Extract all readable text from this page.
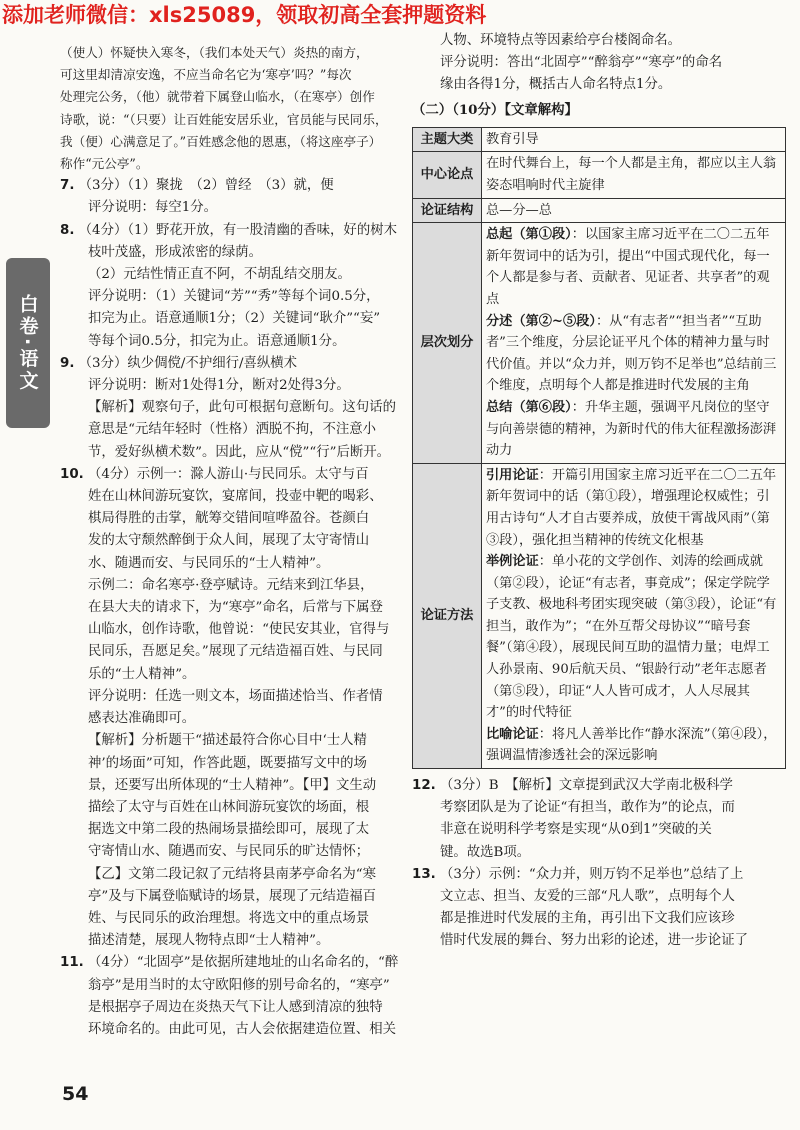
添加老师微信：xls25089，领取初高全套押题资料
白卷·语文

（使人）怀疑快入寒冬，（我们本处天气）炎热的南方，

可这里却清凉安逸，不应当命名它为‘寒亭’吗？”每次

处理完公务，（他）就带着下属登山临水，（在寒亭）创作

诗歌，说：“（只要）让百姓能安居乐业，官员能与民同乐，

我（便）心满意足了。”百姓感念他的恩惠，（将这座亭子）

称作“元公亭”。

7. （3分）（1）聚拢　（2）曾经　（3）就，便

评分说明：每空1分。

8. （4分）（1）野花开放，有一股清幽的香味，好的树木

枝叶茂盛，形成浓密的绿荫。

（2）元结性情正直不阿，不胡乱结交朋友。

评分说明：（1）关键词“芳”“秀”等每个词0.5分，

扣完为止。语意通顺1分；（2）关键词“耿介”“妄”

等每个词0.5分，扣完为止。语意通顺1分。

9. （3分）纨少倜傥/不护细行/喜纵横术

评分说明：断对1处得1分，断对2处得3分。

【解析】观察句子，此句可根据句意断句。这句话的

意思是“元结年轻时（性格）洒脱不拘，不注意小

节，爱好纵横术数”。因此，应从“傥”“行”后断开。

10. （4分）示例一：滁人游山·与民同乐。太守与百

姓在山林间游玩宴饮，宴席间，投壶中靶的喝彩、

棋局得胜的击掌，觥筹交错间喧哗盈谷。苍颜白

发的太守颓然醉倒于众人间，展现了太守寄情山

水、随遇而安、与民同乐的“士人精神”。

示例二：命名寒亭·登亭赋诗。元结来到江华县，

在县大夫的请求下，为“寒亭”命名，后常与下属登

山临水，创作诗歌，他曾说：“使民安其业，官得与

民同乐，吾愿足矣。”展现了元结造福百姓、与民同

乐的“士人精神”。

评分说明：任选一则文本，场面描述恰当、作者情

感表达准确即可。

【解析】分析题干“描述最符合你心目中‘士人精

神’的场面”可知，作答此题，既要描写文中的场

景，还要写出所体现的“士人精神”。【甲】文生动

描绘了太守与百姓在山林间游玩宴饮的场面，根

据选文中第二段的热闹场景描绘即可，展现了太

守寄情山水、随遇而安、与民同乐的旷达情怀；

【乙】文第二段记叙了元结将县南茅亭命名为“寒

亭”及与下属登临赋诗的场景，展现了元结造福百

姓、与民同乐的政治理想。将选文中的重点场景

描述清楚，展现人物特点即“士人精神”。

11. （4分）“北固亭”是依据所建地址的山名命名的，“醉

翁亭”是用当时的太守欧阳修的别号命名的，“寒亭”

是根据亭子周边在炎热天气下让人感到清凉的独特

环境命名的。由此可见，古人会依据建造位置、相关

人物、环境特点等因素给亭台楼阁命名。

评分说明：答出“北固亭”“醉翁亭”“寒亭”的命名

缘由各得1分，概括古人命名特点1分。

（二）（10分）【文章解构】

主题大类	教育引导
中心论点	在时代舞台上，每一个人都是主角，都应以主人翁姿态唱响时代主旋律
论证结构	总—分—总
层次划分	总起（第①段）：以国家主席习近平在二〇二五年新年贺词中的话为引，提出“中国式现代化，每一个人都是参与者、贡献者、见证者、共享者”的观点
分述（第②~⑤段）：从“有志者”“担当者”“互助者”三个维度，分层论证平凡个体的精神力量与时代价值。并以“众力并，则万钧不足举也”总结前三个维度，点明每个人都是推进时代发展的主角
总结（第⑥段）：升华主题，强调平凡岗位的坚守与向善崇德的精神，为新时代的伟大征程激扬澎湃动力

论证方法	引用论证：开篇引用国家主席习近平在二〇二五年新年贺词中的话（第①段），增强理论权威性；引用古诗句“人才自古要养成，放使干霄战风雨”（第③段），强化担当精神的传统文化根基
举例论证：单小花的文学创作、刘涛的绘画成就（第②段），论证“有志者，事竟成”；保定学院学子支教、极地科考团实现突破（第③段），论证“有担当，敢作为”；“在外互帮父母协议”“暗号套餐”（第④段），展现民间互助的温情力量；电焊工人孙景南、90后航天员、“银龄行动”老年志愿者（第⑤段），印证“人人皆可成才，人人尽展其才”的时代特征
比喻论证：将凡人善举比作“静水深流”（第④段），强调温情渗透社会的深远影响

12. （3分）B　【解析】文章提到武汉大学南北极科学

考察团队是为了论证“有担当，敢作为”的论点，而

非意在说明科学考察是实现“从0到1”突破的关

键。故选B项。

13. （3分）示例：“众力并，则万钧不足举也”总结了上

文立志、担当、友爱的三部“凡人歌”，点明每个人

都是推进时代发展的主角，再引出下文我们应该珍

惜时代发展的舞台、努力出彩的论述，进一步论证了

54
